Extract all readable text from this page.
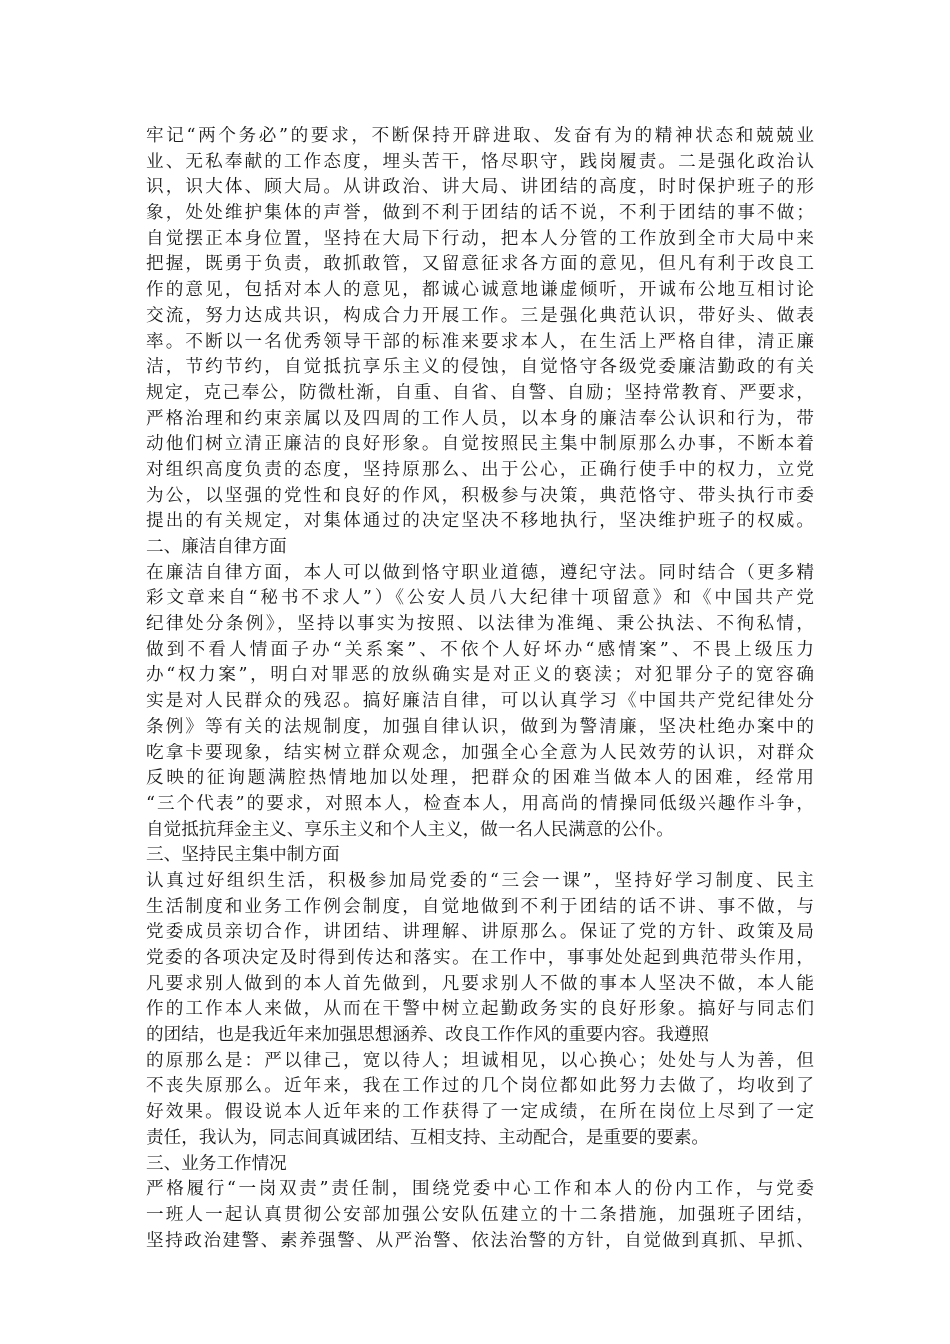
牢记“两个务必”的要求，不断保持开辟进取、发奋有为的精神状态和兢兢业
业、无私奉献的工作态度，埋头苦干，恪尽职守，践岗履责。二是强化政治认
识，识大体、顾大局。从讲政治、讲大局、讲团结的高度，时时保护班子的形
象，处处维护集体的声誉，做到不利于团结的话不说，不利于团结的事不做；
自觉摆正本身位置，坚持在大局下行动，把本人分管的工作放到全市大局中来
把握，既勇于负责，敢抓敢管，又留意征求各方面的意见，但凡有利于改良工
作的意见，包括对本人的意见，都诚心诚意地谦虚倾听，开诚布公地互相讨论
交流，努力达成共识，构成合力开展工作。三是强化典范认识，带好头、做表
率。不断以一名优秀领导干部的标准来要求本人，在生活上严格自律，清正廉
洁，节约节约，自觉抵抗享乐主义的侵蚀，自觉恪守各级党委廉洁勤政的有关
规定，克己奉公，防微杜渐，自重、自省、自警、自励；坚持常教育、严要求，
严格治理和约束亲属以及四周的工作人员，以本身的廉洁奉公认识和行为，带
动他们树立清正廉洁的良好形象。自觉按照民主集中制原那么办事，不断本着
对组织高度负责的态度，坚持原那么、出于公心，正确行使手中的权力，立党
为公，以坚强的党性和良好的作风，积极参与决策，典范恪守、带头执行市委
提出的有关规定，对集体通过的决定坚决不移地执行，坚决维护班子的权威。
二、廉洁自律方面
在廉洁自律方面，本人可以做到恪守职业道德，遵纪守法。同时结合（更多精
彩文章来自“秘书不求人”）《公安人员八大纪律十项留意》和《中国共产党
纪律处分条例》，坚持以事实为按照、以法律为准绳、秉公执法、不徇私情，
做到不看人情面子办“关系案”、不依个人好坏办“感情案”、不畏上级压力
办“权力案”，明白对罪恶的放纵确实是对正义的亵渎；对犯罪分子的宽容确
实是对人民群众的残忍。搞好廉洁自律，可以认真学习《中国共产党纪律处分
条例》等有关的法规制度，加强自律认识，做到为警清廉，坚决杜绝办案中的
吃拿卡要现象，结实树立群众观念，加强全心全意为人民效劳的认识，对群众
反映的征询题满腔热情地加以处理，把群众的困难当做本人的困难，经常用
“三个代表”的要求，对照本人，检查本人，用高尚的情操同低级兴趣作斗争，
自觉抵抗拜金主义、享乐主义和个人主义，做一名人民满意的公仆。
三、坚持民主集中制方面
认真过好组织生活，积极参加局党委的“三会一课”，坚持好学习制度、民主
生活制度和业务工作例会制度，自觉地做到不利于团结的话不讲、事不做，与
党委成员亲切合作，讲团结、讲理解、讲原那么。保证了党的方针、政策及局
党委的各项决定及时得到传达和落实。在工作中，事事处处起到典范带头作用，
凡要求别人做到的本人首先做到，凡要求别人不做的事本人坚决不做，本人能
作的工作本人来做，从而在干警中树立起勤政务实的良好形象。搞好与同志们
的团结，也是我近年来加强思想涵养、改良工作作风的重要内容。我遵照
的原那么是：严以律己，宽以待人；坦诚相见，以心换心；处处与人为善，但
不丧失原那么。近年来，我在工作过的几个岗位都如此努力去做了，均收到了
好效果。假设说本人近年来的工作获得了一定成绩，在所在岗位上尽到了一定
责任，我认为，同志间真诚团结、互相支持、主动配合，是重要的要素。
三、业务工作情况
严格履行“一岗双责”责任制，围绕党委中心工作和本人的份内工作，与党委
一班人一起认真贯彻公安部加强公安队伍建立的十二条措施，加强班子团结，
坚持政治建警、素养强警、从严治警、依法治警的方针，自觉做到真抓、早抓、
